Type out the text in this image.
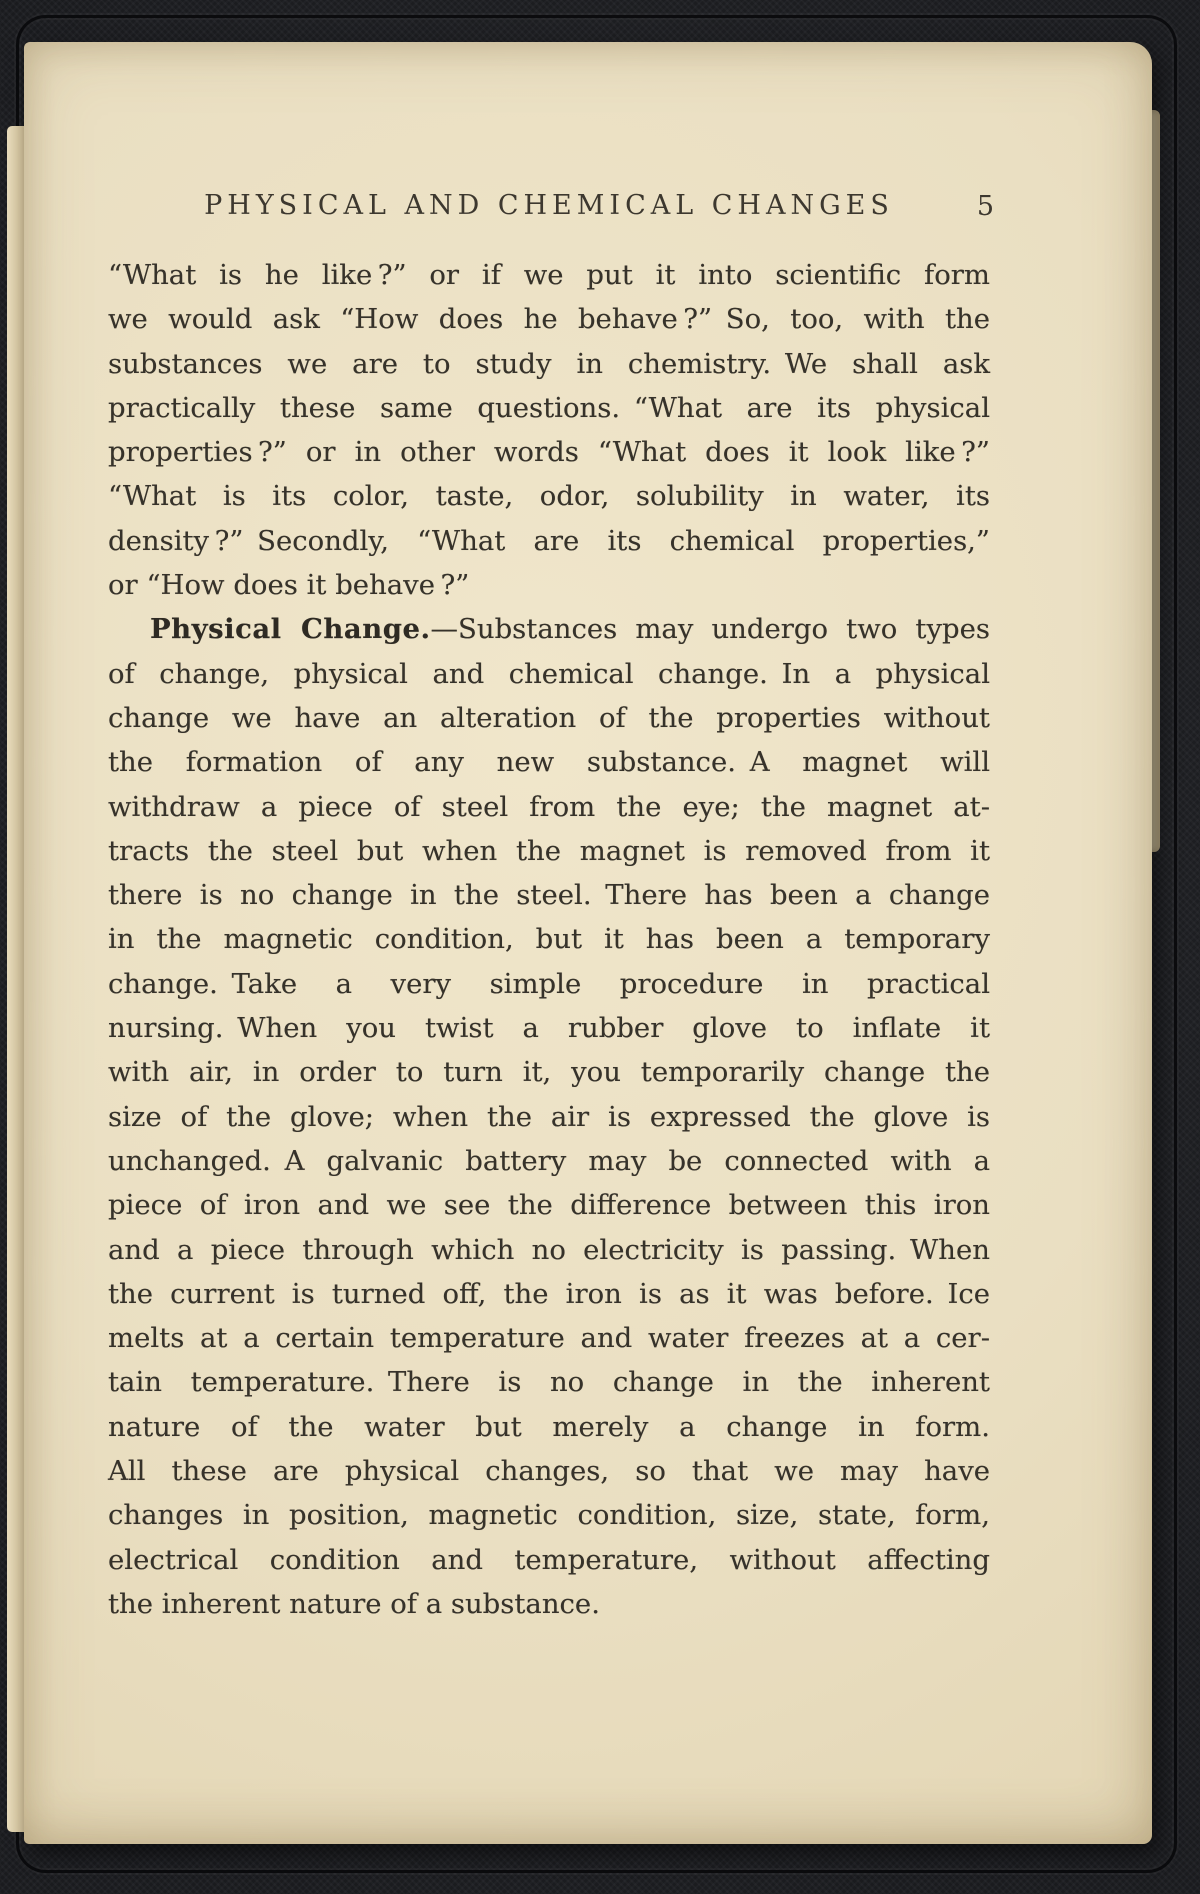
PHYSICAL AND CHEMICAL CHANGES	5
“What is he like ?” or if we put it into scientific form
we would ask “How does he behave ?” So, too, with the
substances we are to study in chemistry. We shall ask
practically these same questions. “What are its physical
properties ?” or in other words “What does it look like ?”
“What is its color, taste, odor, solubility in water, its
density ?” Secondly, “What are its chemical properties,”
or “How does it behave ?”
Physical Change.—Substances may undergo two types
of change, physical and chemical change. In a physical
change we have an alteration of the properties without
the formation of any new substance. A magnet will
withdraw a piece of steel from the eye; the magnet at-
tracts the steel but when the magnet is removed from it
there is no change in the steel. There has been a change
in the magnetic condition, but it has been a temporary
change. Take a very simple procedure in practical
nursing. When you twist a rubber glove to inflate it
with air, in order to turn it, you temporarily change the
size of the glove; when the air is expressed the glove is
unchanged. A galvanic battery may be connected with a
piece of iron and we see the difference between this iron
and a piece through which no electricity is passing. When
the current is turned off, the iron is as it was before. Ice
melts at a certain temperature and water freezes at a cer-
tain temperature. There is no change in the inherent
nature of the water but merely a change in form.
All these are physical changes, so that we may have
changes in position, magnetic condition, size, state, form,
electrical condition and temperature, without affecting
the inherent nature of a substance.
